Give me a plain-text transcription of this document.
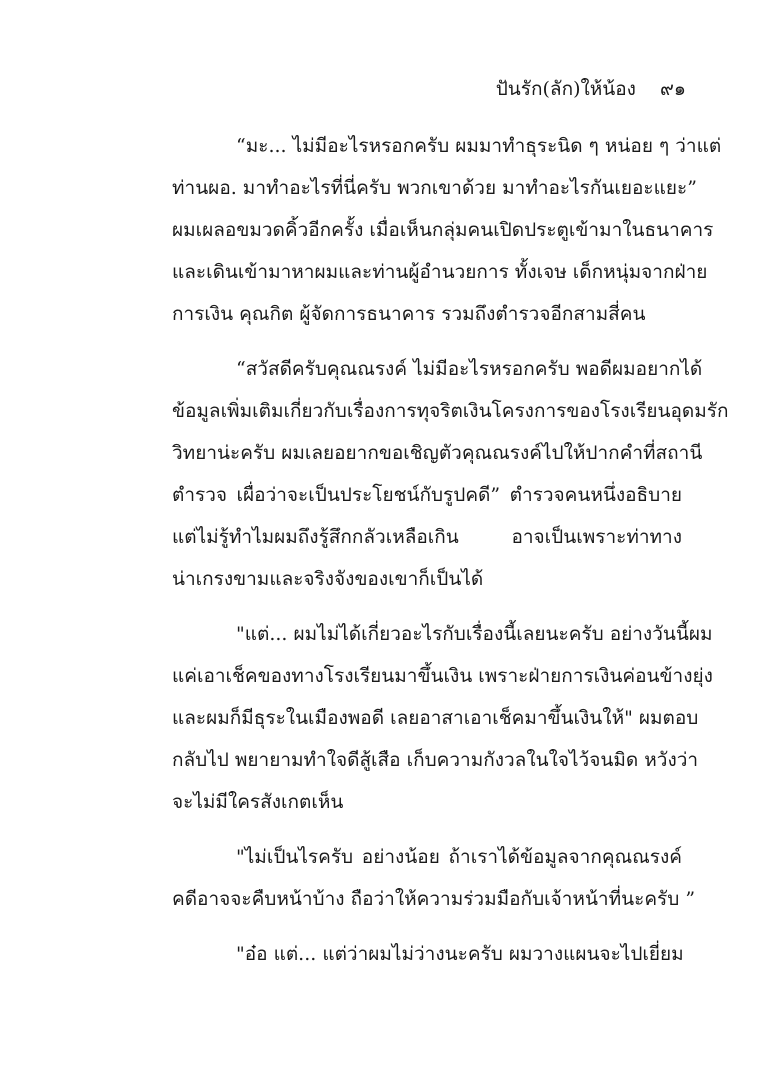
ปันรัก(ลัก)ให้น้อง ๙๑
“มะ... ไม่มีอะไรหรอกครับ ผมมาทำธุระนิด ๆ หน่อย ๆ ว่าแต่
ท่านผอ. มาทำอะไรที่นี่ครับ พวกเขาด้วย มาทำอะไรกันเยอะแยะ”
ผมเผลอขมวดคิ้วอีกครั้ง เมื่อเห็นกลุ่มคนเปิดประตูเข้ามาในธนาคาร
และเดินเข้ามาหาผมและท่านผู้อำนวยการ ทั้งเจษ เด็กหนุ่มจากฝ่าย
การเงิน คุณกิต ผู้จัดการธนาคาร รวมถึงตำรวจอีกสามสี่คน
“สวัสดีครับคุณณรงค์ ไม่มีอะไรหรอกครับ พอดีผมอยากได้
ข้อมูลเพิ่มเติมเกี่ยวกับเรื่องการทุจริตเงินโครงการของโรงเรียนอุดมรัก
วิทยาน่ะครับ ผมเลยอยากขอเชิญตัวคุณณรงค์ไปให้ปากคำที่สถานี
ตำรวจ เผื่อว่าจะเป็นประโยชน์กับรูปคดี” ตำรวจคนหนึ่งอธิบาย
แต่ไม่รู้ทำไมผมถึงรู้สึกกลัวเหลือเกิน อาจเป็นเพราะท่าทาง
น่าเกรงขามและจริงจังของเขาก็เป็นได้
"แต่... ผมไม่ได้เกี่ยวอะไรกับเรื่องนี้เลยนะครับ อย่างวันนี้ผม
แค่เอาเช็คของทางโรงเรียนมาขึ้นเงิน เพราะฝ่ายการเงินค่อนข้างยุ่ง
และผมก็มีธุระในเมืองพอดี เลยอาสาเอาเช็คมาขึ้นเงินให้" ผมตอบ
กลับไป พยายามทำใจดีสู้เสือ เก็บความกังวลในใจไว้จนมิด หวังว่า
จะไม่มีใครสังเกตเห็น
"ไม่เป็นไรครับ อย่างน้อย ถ้าเราได้ข้อมูลจากคุณณรงค์
คดีอาจจะคืบหน้าบ้าง ถือว่าให้ความร่วมมือกับเจ้าหน้าที่นะครับ ”
"อ๋อ แต่... แต่ว่าผมไม่ว่างนะครับ ผมวางแผนจะไปเยี่ยม
